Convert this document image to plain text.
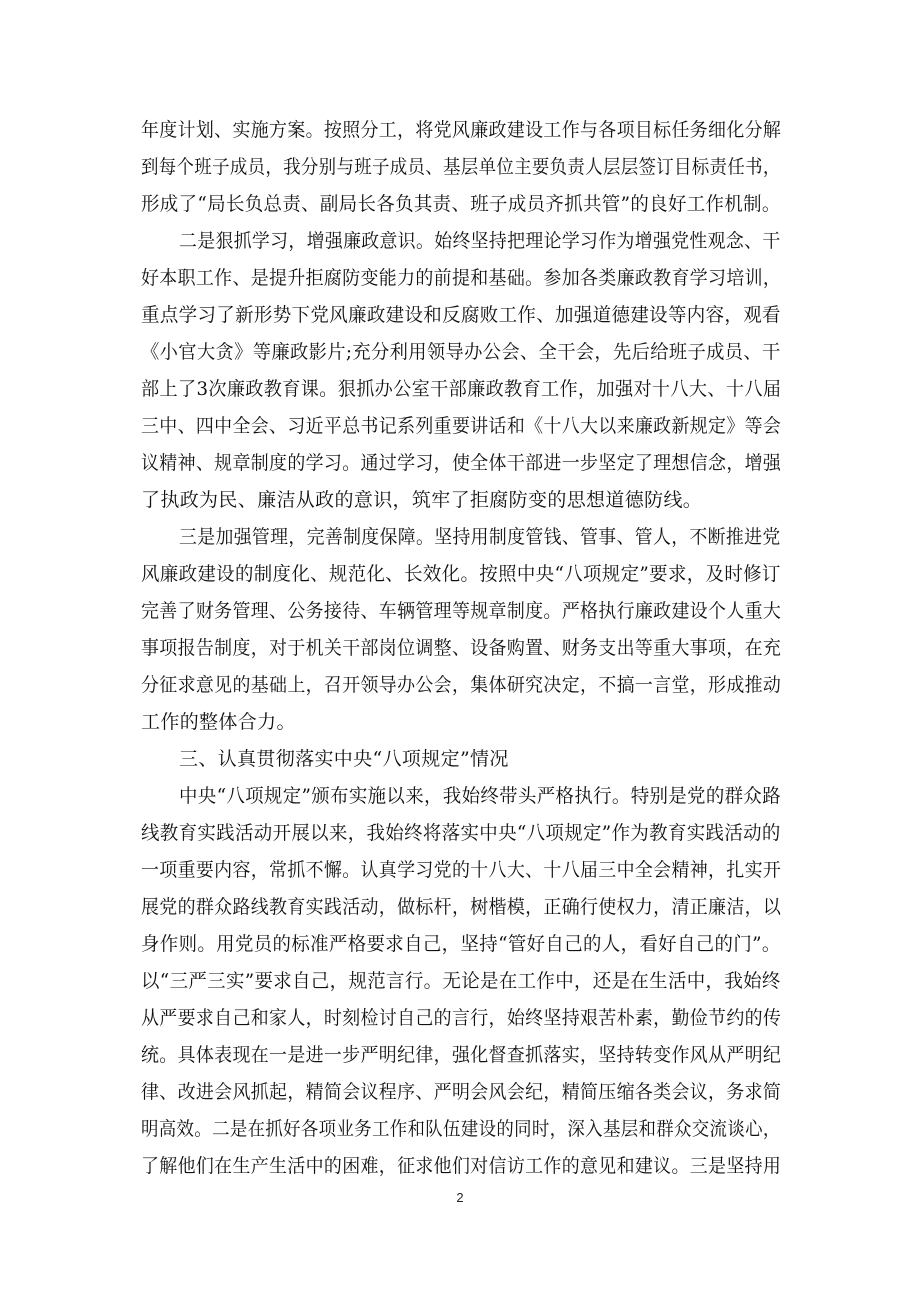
年度计划、实施方案。按照分工，将党风廉政建设工作与各项目标任务细化分解
到每个班子成员，我分别与班子成员、基层单位主要负责人层层签订目标责任书，
形成了“局长负总责、副局长各负其责、班子成员齐抓共管”的良好工作机制。
二是狠抓学习，增强廉政意识。始终坚持把理论学习作为增强党性观念、干
好本职工作、是提升拒腐防变能力的前提和基础。参加各类廉政教育学习培训，
重点学习了新形势下党风廉政建设和反腐败工作、加强道德建设等内容，观看
《小官大贪》等廉政影片;充分利用领导办公会、全干会，先后给班子成员、干
部上了3次廉政教育课。狠抓办公室干部廉政教育工作，加强对十八大、十八届
三中、四中全会、习近平总书记系列重要讲话和《十八大以来廉政新规定》等会
议精神、规章制度的学习。通过学习，使全体干部进一步坚定了理想信念，增强
了执政为民、廉洁从政的意识，筑牢了拒腐防变的思想道德防线。
三是加强管理，完善制度保障。坚持用制度管钱、管事、管人，不断推进党
风廉政建设的制度化、规范化、长效化。按照中央“八项规定”要求，及时修订
完善了财务管理、公务接待、车辆管理等规章制度。严格执行廉政建设个人重大
事项报告制度，对于机关干部岗位调整、设备购置、财务支出等重大事项，在充
分征求意见的基础上，召开领导办公会，集体研究决定，不搞一言堂，形成推动
工作的整体合力。
三、认真贯彻落实中央“八项规定”情况
中央“八项规定”颁布实施以来，我始终带头严格执行。特别是党的群众路
线教育实践活动开展以来，我始终将落实中央“八项规定”作为教育实践活动的
一项重要内容，常抓不懈。认真学习党的十八大、十八届三中全会精神，扎实开
展党的群众路线教育实践活动，做标杆，树楷模，正确行使权力，清正廉洁，以
身作则。用党员的标准严格要求自己，坚持“管好自己的人，看好自己的门”。
以“三严三实”要求自己，规范言行。无论是在工作中，还是在生活中，我始终
从严要求自己和家人，时刻检讨自己的言行，始终坚持艰苦朴素，勤俭节约的传
统。具体表现在一是进一步严明纪律，强化督查抓落实，坚持转变作风从严明纪
律、改进会风抓起，精简会议程序、严明会风会纪，精简压缩各类会议，务求简
明高效。二是在抓好各项业务工作和队伍建设的同时，深入基层和群众交流谈心，
了解他们在生产生活中的困难，征求他们对信访工作的意见和建议。三是坚持用
2
